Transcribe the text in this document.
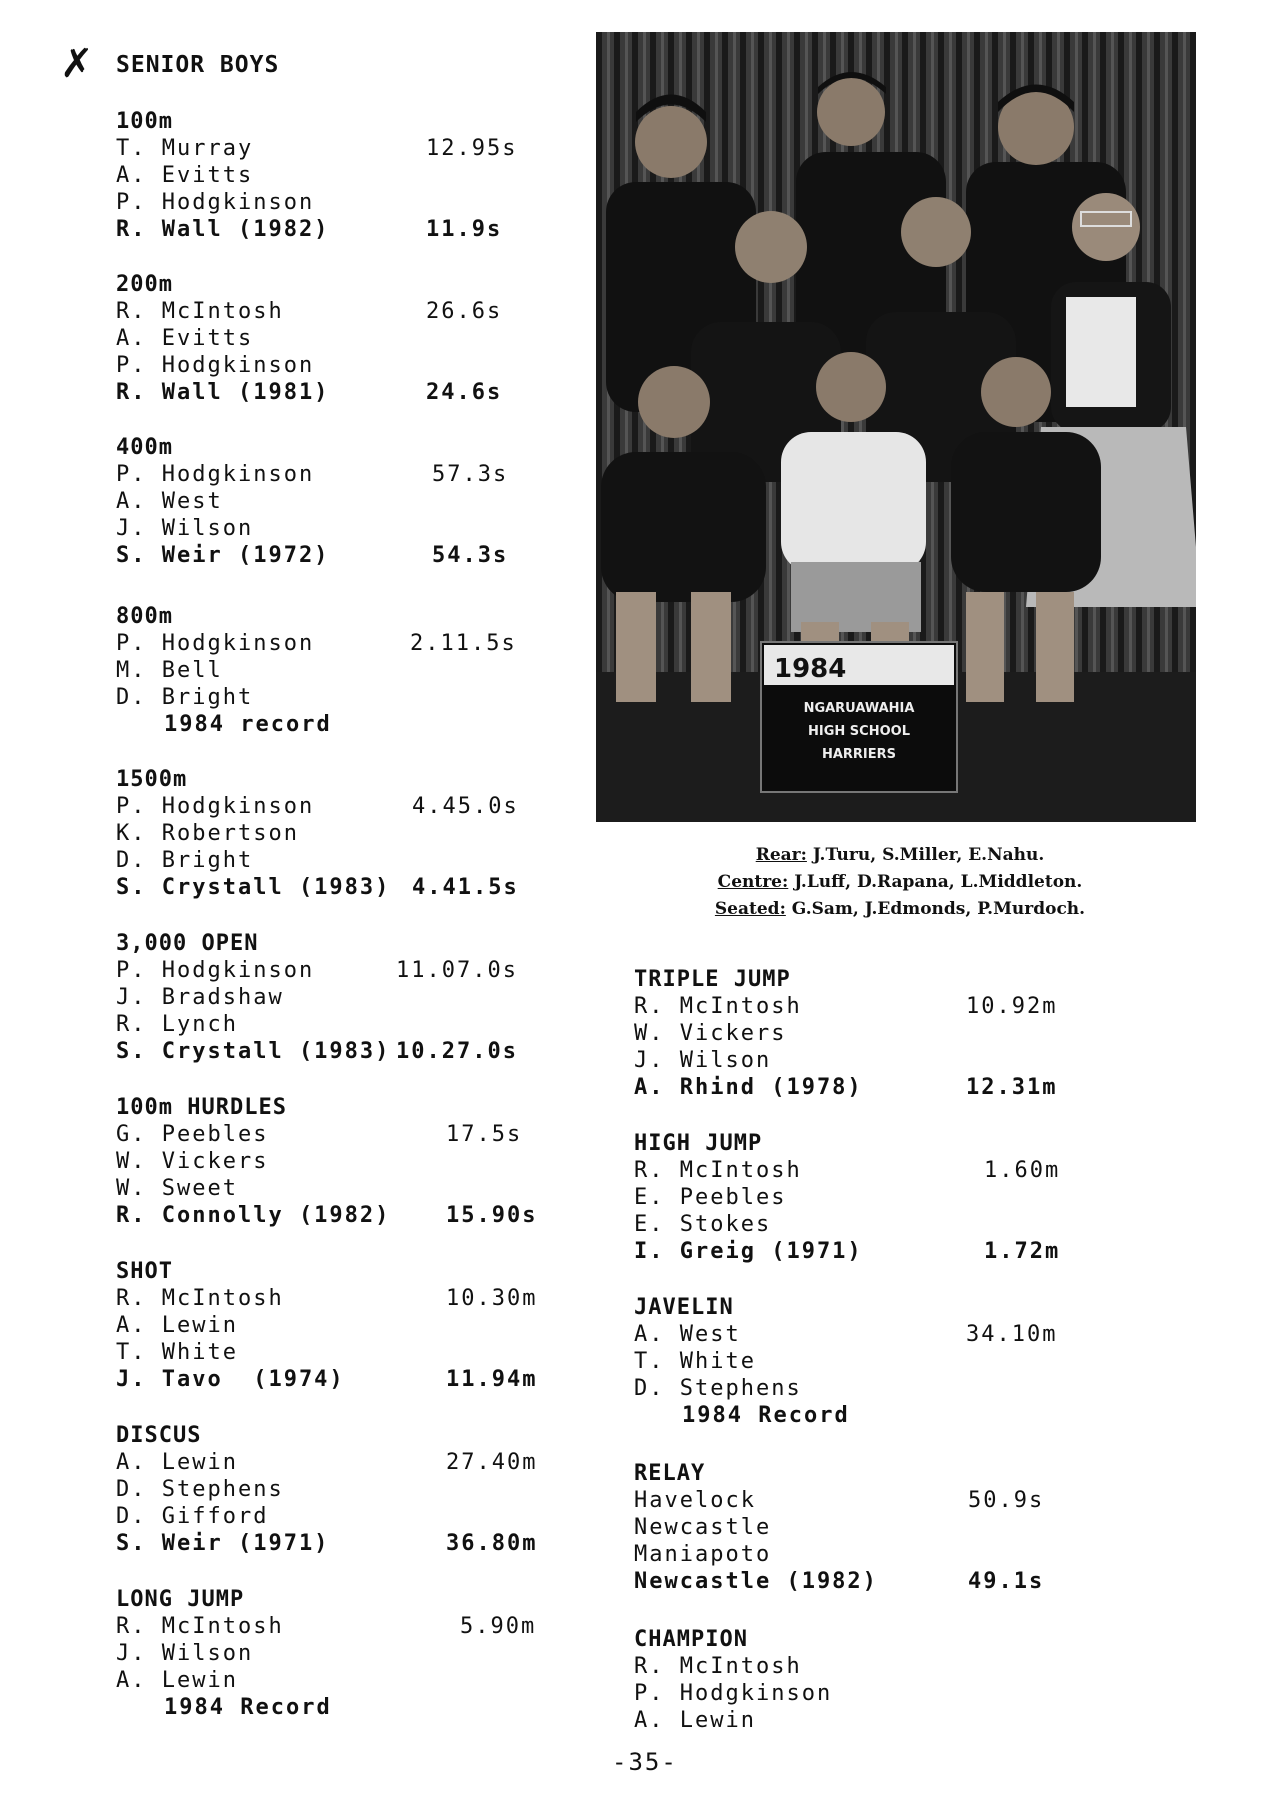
✗ SENIOR BOYS
100m
T. Murray	12.95s
A. Evitts
P. Hodgkinson
R. Wall (1982)	11.9s
200m
R. McIntosh	26.6s
A. Evitts
P. Hodgkinson
R. Wall (1981)	24.6s
400m
P. Hodgkinson	57.3s
A. West
J. Wilson
S. Weir (1972)	54.3s
800m
P. Hodgkinson	2.11.5s
M. Bell
D. Bright
1984 record
1500m
P. Hodgkinson	4.45.0s
K. Robertson
D. Bright
S. Crystall (1983) 4.41.5s
3,000 OPEN
P. Hodgkinson	11.07.0s
J. Bradshaw
R. Lynch
S. Crystall (1983) 10.27.0s
100m HURDLES
G. Peebles	17.5s
W. Vickers
W. Sweet
R. Connolly (1982)	15.90s
SHOT
R. McIntosh	10.30m
A. Lewin
T. White
J. Tavo  (1974)	11.94m
DISCUS
A. Lewin	27.40m
D. Stephens
D. Gifford
S. Weir (1971)	36.80m
LONG JUMP
R. McIntosh	5.90m
J. Wilson
A. Lewin
1984 Record
TRIPLE JUMP
R. McIntosh	10.92m
W. Vickers
J. Wilson
A. Rhind (1978)	12.31m
HIGH JUMP
R. McIntosh	1.60m
E. Peebles
E. Stokes
I. Greig (1971)	1.72m
JAVELIN
A. West	34.10m
T. White
D. Stephens
1984 Record
RELAY
Havelock	50.9s
Newcastle
Maniapoto
Newcastle (1982)	49.1s
CHAMPION
R. McIntosh
P. Hodgkinson
A. Lewin
1984
NGARUAWAHIA
HIGH SCHOOL
HARRIERS
Rear: J.Turu, S.Miller, E.Nahu.
Centre: J.Luff, D.Rapana, L.Middleton.
Seated: G.Sam, J.Edmonds, P.Murdoch.
-35-
